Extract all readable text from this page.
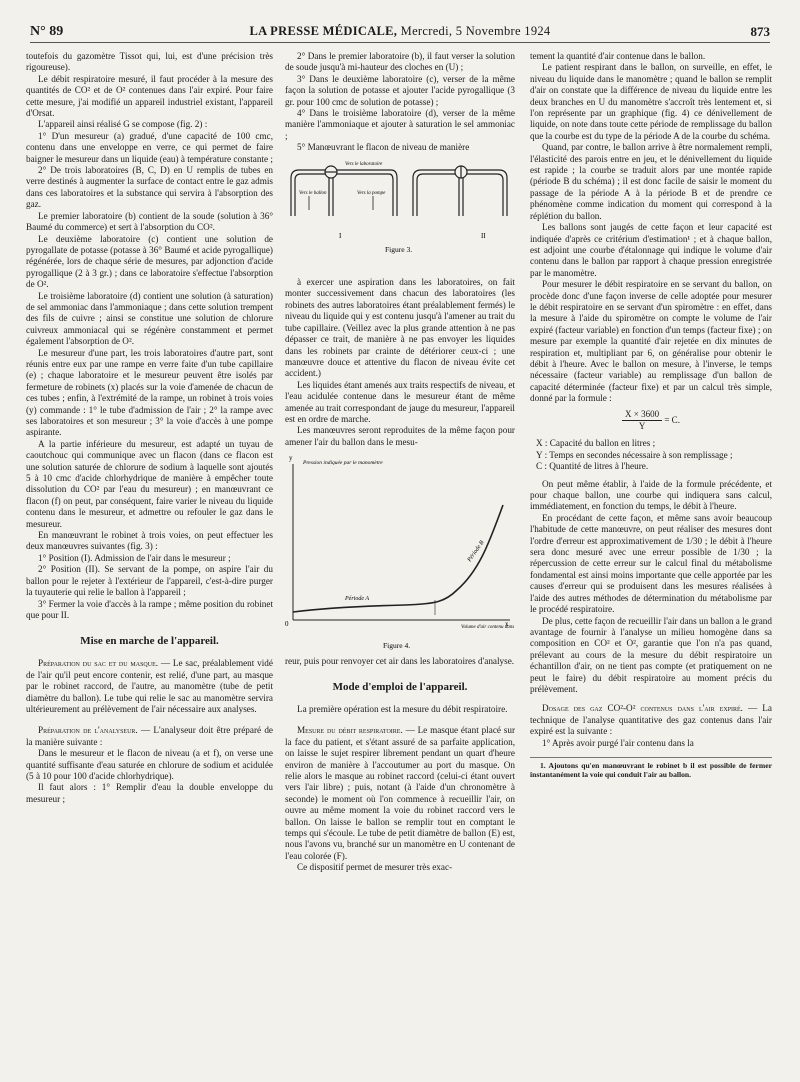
N° 89	LA PRESSE MÉDICALE, Mercredi, 5 Novembre 1924	873

toutefois du gazomètre Tissot qui, lui, est d'une précision très rigoureuse).

Le débit respiratoire mesuré, il faut procéder à la mesure des quantités de CO² et de O² contenues dans l'air expiré. Pour faire cette mesure, j'ai modifié un appareil industriel existant, l'appareil d'Orsat.

L'appareil ainsi réalisé G se compose (fig. 2) :

1° D'un mesureur (a) gradué, d'une capacité de 100 cmc, contenu dans une enveloppe en verre, ce qui permet de faire baigner le mesureur dans un liquide (eau) à température constante ;

2° De trois laboratoires (B, C, D) en U remplis de tubes en verre destinés à augmenter la surface de contact entre le gaz admis dans ces laboratoires et la substance qui servira à l'absorption des gaz.

Le premier laboratoire (b) contient de la soude (solution à 36° Baumé du commerce) et sert à l'absorption du CO².

Le deuxième laboratoire (c) contient une solution de pyrogallate de potasse (potasse à 36° Baumé et acide pyrogallique) régénérée, lors de chaque série de mesures, par adjonction d'acide pyrogallique (2 à 3 gr.) ; dans ce laboratoire s'effectue l'absorption de O².

Le troisième laboratoire (d) contient une solution (à saturation) de sel ammoniac dans l'ammoniaque ; dans cette solution trempent des fils de cuivre ; ainsi se constitue une solution de chlorure cuivreux ammoniacal qui se régénère constamment et permet également l'absorption de O².

Le mesureur d'une part, les trois laboratoires d'autre part, sont réunis entre eux par une rampe en verre faite d'un tube capillaire (e) ; chaque laboratoire et le mesureur peuvent être isolés par fermeture de robinets (x) placés sur la voie d'amenée de chacun de ces tubes ; enfin, à l'extrémité de la rampe, un robinet à trois voies (y) commande : 1° le tube d'admission de l'air ; 2° la rampe avec ses laboratoires et son mesureur ; 3° la voie d'accès à une pompe aspirante.

A la partie inférieure du mesureur, est adapté un tuyau de caoutchouc qui communique avec un flacon (dans ce flacon est une solution saturée de chlorure de sodium à laquelle sont ajoutés 5 à 10 cmc d'acide chlorhydrique de manière à empêcher toute dissolution du CO² par l'eau du mesureur) ; en manœuvrant ce flacon (f) on peut, par conséquent, faire varier le niveau du liquide contenu dans le mesureur, et admettre ou refouler le gaz dans le mesureur.

En manœuvrant le robinet à trois voies, on peut effectuer les deux manœuvres suivantes (fig. 3) :

1° Position (I). Admission de l'air dans le mesureur ;

2° Position (II). Se servant de la pompe, on aspire l'air du ballon pour le rejeter à l'extérieur de l'appareil, c'est-à-dire purger la tuyauterie qui relie le ballon à l'appareil ;

3° Fermer la voie d'accès à la rampe ; même position du robinet que pour II.

Mise en marche de l'appareil.

Préparation du sac et du masque. — Le sac, préalablement vidé de l'air qu'il peut encore contenir, est relié, d'une part, au masque par le robinet raccord, de l'autre, au manomètre (tube de petit diamètre du ballon). Le tube qui relie le sac au manomètre servira ultérieurement au prélèvement de l'air nécessaire aux analyses.

Préparation de l'analyseur. — L'analyseur doit être préparé de la manière suivante :

Dans le mesureur et le flacon de niveau (a et f), on verse une quantité suffisante d'eau saturée en chlorure de sodium et acidulée (5 à 10 pour 100 d'acide chlorhydrique).

Il faut alors : 1° Remplir d'eau la double enveloppe du mesureur ;

2° Dans le premier laboratoire (b), il faut verser la solution de soude jusqu'à mi-hauteur des cloches en (U) ;

3° Dans le deuxième laboratoire (c), verser de la même façon la solution de potasse et ajouter l'acide pyrogallique (3 gr. pour 100 cmc de solution de potasse) ;

4° Dans le troisième laboratoire (d), verser de la même manière l'ammoniaque et ajouter à saturation le sel ammoniac ;

5° Manœuvrant le flacon de niveau de manière

Vers le laboratoire
Vers le ballon	Vers la pompe
I	II
Figure 3.

à exercer une aspiration dans les laboratoires, on fait monter successivement dans chacun des laboratoires (les robinets des autres laboratoires étant préalablement fermés) le niveau du liquide qui y est contenu jusqu'à l'amener au trait du tube capillaire. (Veillez avec la plus grande attention à ne pas dépasser ce trait, de manière à ne pas envoyer les liquides dans les robinets par crainte de détériorer ceux-ci ; une manœuvre douce et attentive du flacon de niveau évite cet accident.)

Les liquides étant amenés aux traits respectifs de niveau, et l'eau acidulée contenue dans le mesureur étant de même amenée au trait correspondant de jauge du mesureur, l'appareil est en ordre de marche.

Les manœuvres seront reproduites de la même façon pour amener l'air du ballon dans le mesu-

y
Pression indiquée par le manomètre
0	x
Période A
Période B
Volume d'air contenu dans
Figure 4.

reur, puis pour renvoyer cet air dans les laboratoires d'analyse.

Mode d'emploi de l'appareil.

La première opération est la mesure du débit respiratoire.

Mesure du débit respiratoire. — Le masque étant placé sur la face du patient, et s'étant assuré de sa parfaite application, on laisse le sujet respirer librement pendant un quart d'heure environ de manière à l'accoutumer au port du masque. On relie alors le masque au robinet raccord (celui-ci étant ouvert vers l'air libre) ; puis, notant (à l'aide d'un chronomètre à seconde) le moment où l'on commence à recueillir l'air, on ouvre au même moment la voie du robinet raccord vers le ballon. On laisse le ballon se remplir tout en comptant le temps qui s'écoule. Le tube de petit diamètre de ballon (E) est, nous l'avons vu, branché sur un manomètre en U contenant de l'eau colorée (F).

Ce dispositif permet de mesurer très exac-

tement la quantité d'air contenue dans le ballon.

Le patient respirant dans le ballon, on surveille, en effet, le niveau du liquide dans le manomètre ; quand le ballon se remplit d'air on constate que la différence de niveau du liquide entre les deux branches en U du manomètre s'accroît très lentement et, si l'on représente par un graphique (fig. 4) ce dénivellement de liquide, on note dans toute cette période de remplissage du ballon que la courbe est du type de la période A de la courbe du schéma.

Quand, par contre, le ballon arrive à être normalement rempli, l'élasticité des parois entre en jeu, et le dénivellement du liquide est rapide ; la courbe se traduit alors par une montée rapide (période B du schéma) ; il est donc facile de saisir le moment du passage de la période A à la période B et de prendre ce phénomène comme indication du moment qui correspond à la réplétion du ballon.

Les ballons sont jaugés de cette façon et leur capacité est indiquée d'après ce critérium d'estimation¹ ; et à chaque ballon, est adjoint une courbe d'étalonnage qui indique le volume d'air contenu dans le ballon par rapport à chaque pression enregistrée par le manomètre.

Pour mesurer le débit respiratoire en se servant du ballon, on procède donc d'une façon inverse de celle adoptée pour mesurer le débit respiratoire en se servant d'un spiromètre : en effet, dans la mesure à l'aide du spiromètre on compte le volume de l'air expiré (facteur variable) en fonction d'un temps (facteur fixe) ; on mesure par exemple la quantité d'air rejetée en dix minutes de respiration et, multipliant par 6, on généralise pour obtenir le débit à l'heure. Avec le ballon on mesure, à l'inverse, le temps nécessaire (facteur variable) au remplissage d'un ballon de capacité déterminée (facteur fixe) et par un calcul très simple, donné par la formule :

$\frac{X \times 3600}{Y} = C$.

X : Capacité du ballon en litres ;

Y : Temps en secondes nécessaire à son remplissage ;

C : Quantité de litres à l'heure.

On peut même établir, à l'aide de la formule précédente, et pour chaque ballon, une courbe qui indiquera sans calcul, immédiatement, en fonction du temps, le débit à l'heure.

En procédant de cette façon, et même sans avoir beaucoup l'habitude de cette manœuvre, on peut réaliser des mesures dont l'ordre d'erreur est approximativement de 1/30 ; le débit à l'heure sera donc mesuré avec une erreur possible de 1/30 ; la répercussion de cette erreur sur le calcul final du métabolisme fondamental est ainsi moins importante que celle apportée par les causes d'erreur qui se produisent dans les mesures réalisées à l'aide des autres méthodes de détermination du métabolisme par le procédé respiratoire.

De plus, cette façon de recueillir l'air dans un ballon a le grand avantage de fournir à l'analyse un milieu homogène dans sa composition en CO² et O², garantie que l'on n'a pas quand, prélevant au cours de la mesure du débit respiratoire un échantillon d'air, on ne tient pas compte (et pratiquement on ne peut le faire) du débit respiratoire au moment précis du prélèvement.

Dosage des gaz CO²-O² contenus dans l'air expiré. — La technique de l'analyse quantitative des gaz contenus dans l'air expiré est la suivante :

1° Après avoir purgé l'air contenu dans la

1. Ajoutons qu'en manœuvrant le robinet b il est possible de fermer instantanément la voie qui conduit l'air au ballon.
